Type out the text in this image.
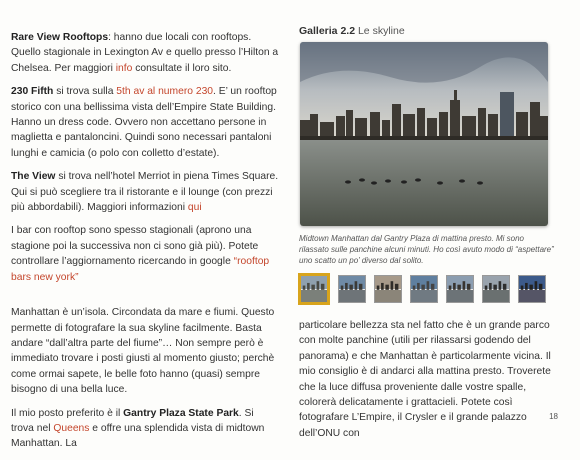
Rare View Rooftops: hanno due locali con rooftops. Quello stagionale in Lexington Av e quello presso l’Hilton a Chelsea. Per maggiori info consultate il loro sito.

230 Fifth si trova sulla 5th av al numero 230. E’ un rooftop storico con una bellissima vista dell’Empire State Building. Hanno un dress code. Ovvero non accettano persone in maglietta e pantaloncini. Quindi sono necessari pantaloni lunghi e camicia (o polo con colletto d’estate).

The View si trova nell’hotel Merriot in piena Times Square. Qui si può scegliere tra il ristorante e il lounge (con prezzi più abbordabili). Maggiori informazioni qui

I bar con rooftop sono spesso stagionali (aprono una stagione poi la successiva non ci sono già più). Potete controllare l’aggiornamento ricercando in google “rooftop bars new york”

Manhattan è un’isola. Circondata da mare e fiumi. Questo permette di fotografare la sua skyline facilmente. Basta andare “dall’altra parte del fiume”… Non sempre però è immediato trovare i posti giusti al momento giusto; perchè come ormai sapete, le belle foto hanno (quasi) sempre bisogno di una bella luce.

Il mio posto preferito è il Gantry Plaza State Park. Si trova nel Queens e offre una splendida vista di midtown Manhattan. La

Galleria 2.2 Le skyline
Midtown Manhattan dal Gantry Plaza di mattina presto. Mi sono rilassato sulle panchine alcuni minuti. Ho così avuto modo di “aspettare” uno scatto un po’ diverso dal solito.

particolare bellezza sta nel fatto che è un grande parco con molte panchine (utili per rilassarsi godendo del panorama) e che Manhattan è particolarmente vicina. Il mio consiglio è di andarci alla mattina presto. Troverete che la luce diffusa proveniente dalle vostre spalle, colorerà delicatamente i grattacieli. Potete così fotografare L’Empire, il Crysler e il grande palazzo dell’ONU con

18
